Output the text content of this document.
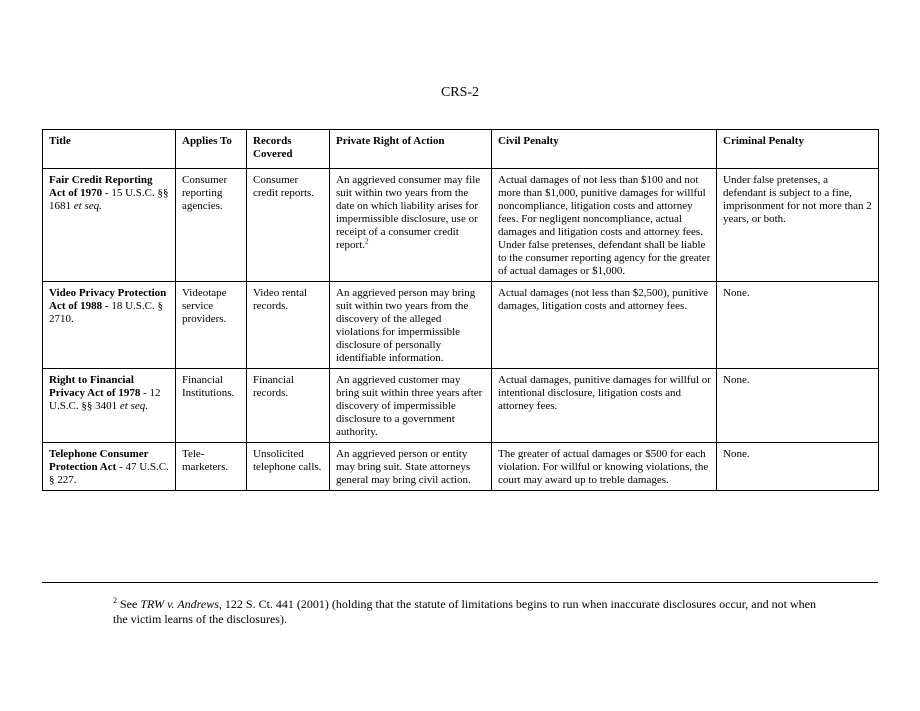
CRS-2
Title	Applies To	Records Covered	Private Right of Action	Civil Penalty	Criminal Penalty
Fair Credit Reporting Act of 1970 - 15 U.S.C. §§ 1681 et seq.	Consumer reporting agencies.	Consumer credit reports.	An aggrieved consumer may file suit within two years from the date on which liability arises for impermissible disclosure, use or receipt of a consumer credit report.$^2$	Actual damages of not less than $100 and not more than $1,000, punitive damages for willful noncompliance, litigation costs and attorney fees. For negligent noncompliance, actual damages and litigation costs and attorney fees. Under false pretenses, defendant shall be liable to the consumer reporting agency for the greater of actual damages or $1,000.	Under false pretenses, a defendant is subject to a fine, imprisonment for not more than 2 years, or both.
Video Privacy Protection Act of 1988 - 18 U.S.C. § 2710.	Videotape service providers.	Video rental records.	An aggrieved person may bring suit within two years from the discovery of the alleged violations for impermissible disclosure of personally identifiable information.	Actual damages (not less than $2,500), punitive damages, litigation costs and attorney fees.	None.
Right to Financial Privacy Act of 1978 - 12 U.S.C. §§ 3401 et seq.	Financial Institutions.	Financial records.	An aggrieved customer may bring suit within three years after discovery of impermissible disclosure to a government authority.	Actual damages, punitive damages for willful or intentional disclosure, litigation costs and attorney fees.	None.
Telephone Consumer Protection Act - 47 U.S.C. § 227.	Tele-marketers.	Unsolicited telephone calls.	An aggrieved person or entity may bring suit. State attorneys general may bring civil action.	The greater of actual damages or $500 for each violation. For willful or knowing violations, the court may award up to treble damages.	None.
$^2$ See TRW v. Andrews, 122 S. Ct. 441 (2001) (holding that the statute of limitations begins to run when inaccurate disclosures occur, and not when the victim learns of the disclosures).
